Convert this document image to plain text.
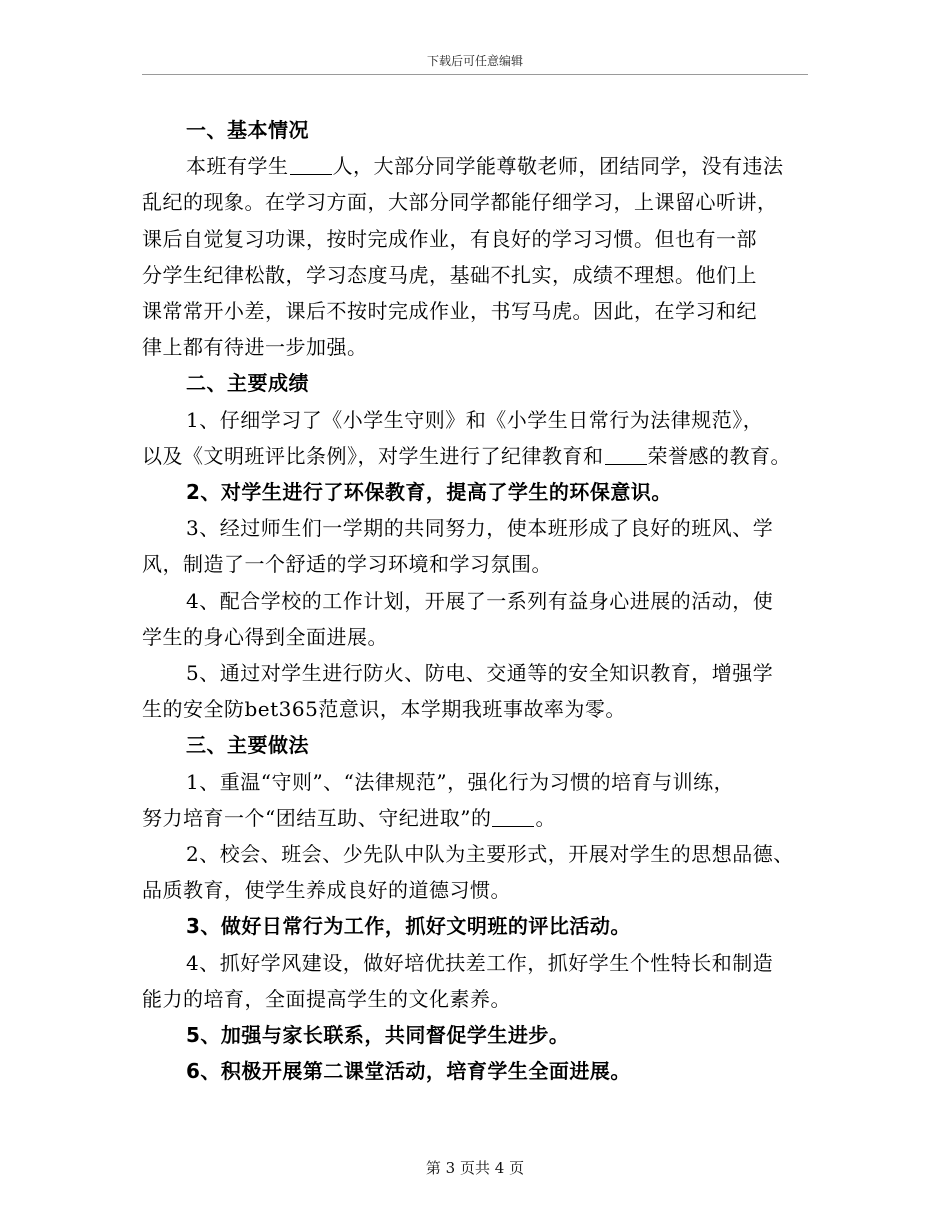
下载后可任意编辑
一、基本情况
本班有学生 人，大部分同学能尊敬老师，团结同学，没有违法
乱纪的现象。在学习方面，大部分同学都能仔细学习，上课留心听讲，
课后自觉复习功课，按时完成作业，有良好的学习习惯。但也有一部
分学生纪律松散，学习态度马虎，基础不扎实，成绩不理想。他们上
课常常开小差，课后不按时完成作业，书写马虎。因此，在学习和纪
律上都有待进一步加强。
二、主要成绩
1、仔细学习了《小学生守则》和《小学生日常行为法律规范》，
以及《文明班评比条例》，对学生进行了纪律教育和 荣誉感的教育。
2、对学生进行了环保教育，提高了学生的环保意识。
3、经过师生们一学期的共同努力，使本班形成了良好的班风、学
风，制造了一个舒适的学习环境和学习氛围。
4、配合学校的工作计划，开展了一系列有益身心进展的活动，使
学生的身心得到全面进展。
5、通过对学生进行防火、防电、交通等的安全知识教育，增强学
生的安全防bet365范意识，本学期我班事故率为零。
三、主要做法
1、重温“守则”、“法律规范”，强化行为习惯的培育与训练，
努力培育一个“团结互助、守纪进取”的 。
2、校会、班会、少先队中队为主要形式，开展对学生的思想品德、
品质教育，使学生养成良好的道德习惯。
3、做好日常行为工作，抓好文明班的评比活动。
4、抓好学风建设，做好培优扶差工作，抓好学生个性特长和制造
能力的培育，全面提高学生的文化素养。
5、加强与家长联系，共同督促学生进步。
6、积极开展第二课堂活动，培育学生全面进展。
第 3 页共 4 页
